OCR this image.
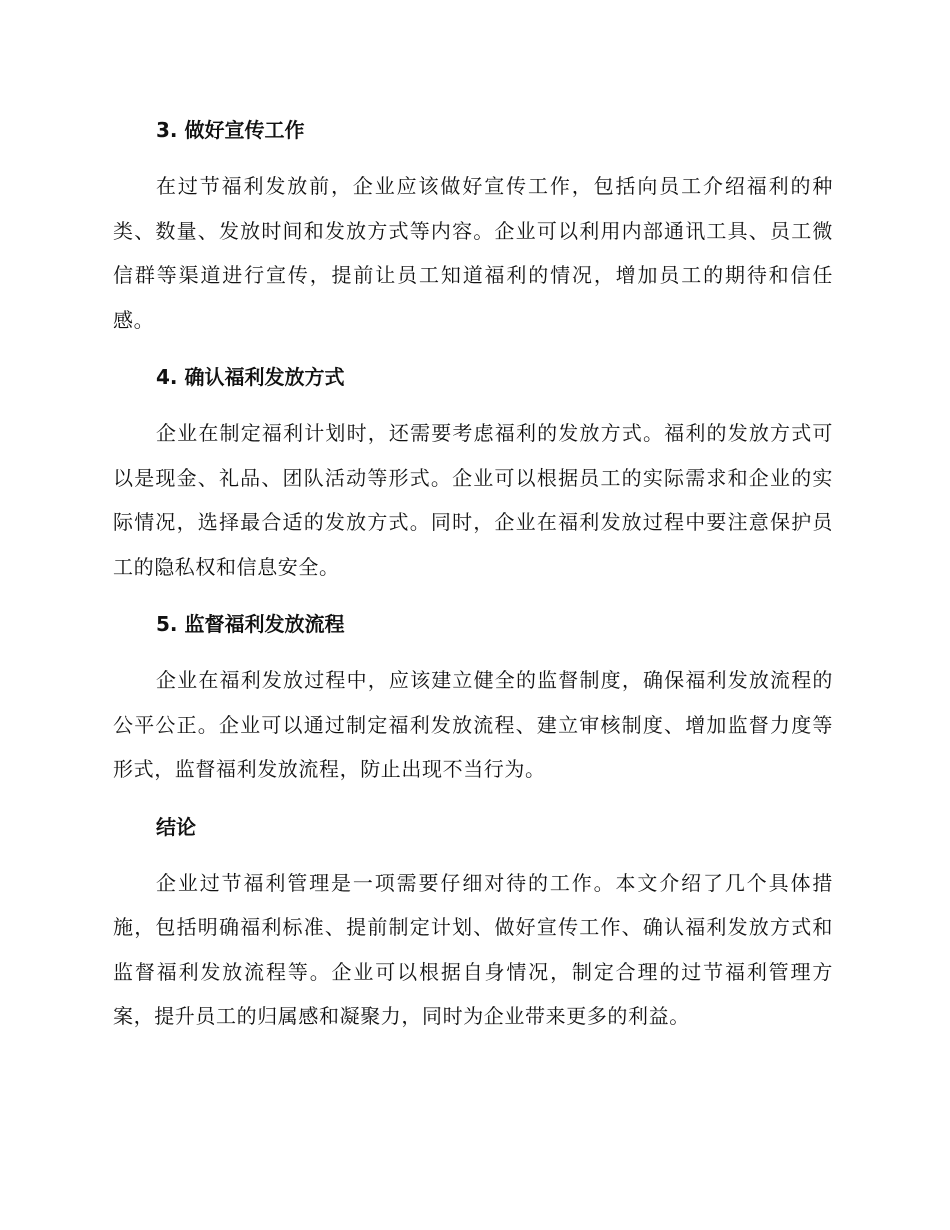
3. 做好宣传工作

在过节福利发放前，企业应该做好宣传工作，包括向员工介绍福利的种类、数量、发放时间和发放方式等内容。企业可以利用内部通讯工具、员工微信群等渠道进行宣传，提前让员工知道福利的情况，增加员工的期待和信任感。

4. 确认福利发放方式

企业在制定福利计划时，还需要考虑福利的发放方式。福利的发放方式可以是现金、礼品、团队活动等形式。企业可以根据员工的实际需求和企业的实际情况，选择最合适的发放方式。同时，企业在福利发放过程中要注意保护员工的隐私权和信息安全。

5. 监督福利发放流程

企业在福利发放过程中，应该建立健全的监督制度，确保福利发放流程的公平公正。企业可以通过制定福利发放流程、建立审核制度、增加监督力度等形式，监督福利发放流程，防止出现不当行为。

结论

企业过节福利管理是一项需要仔细对待的工作。本文介绍了几个具体措施，包括明确福利标准、提前制定计划、做好宣传工作、确认福利发放方式和监督福利发放流程等。企业可以根据自身情况，制定合理的过节福利管理方案，提升员工的归属感和凝聚力，同时为企业带来更多的利益。
